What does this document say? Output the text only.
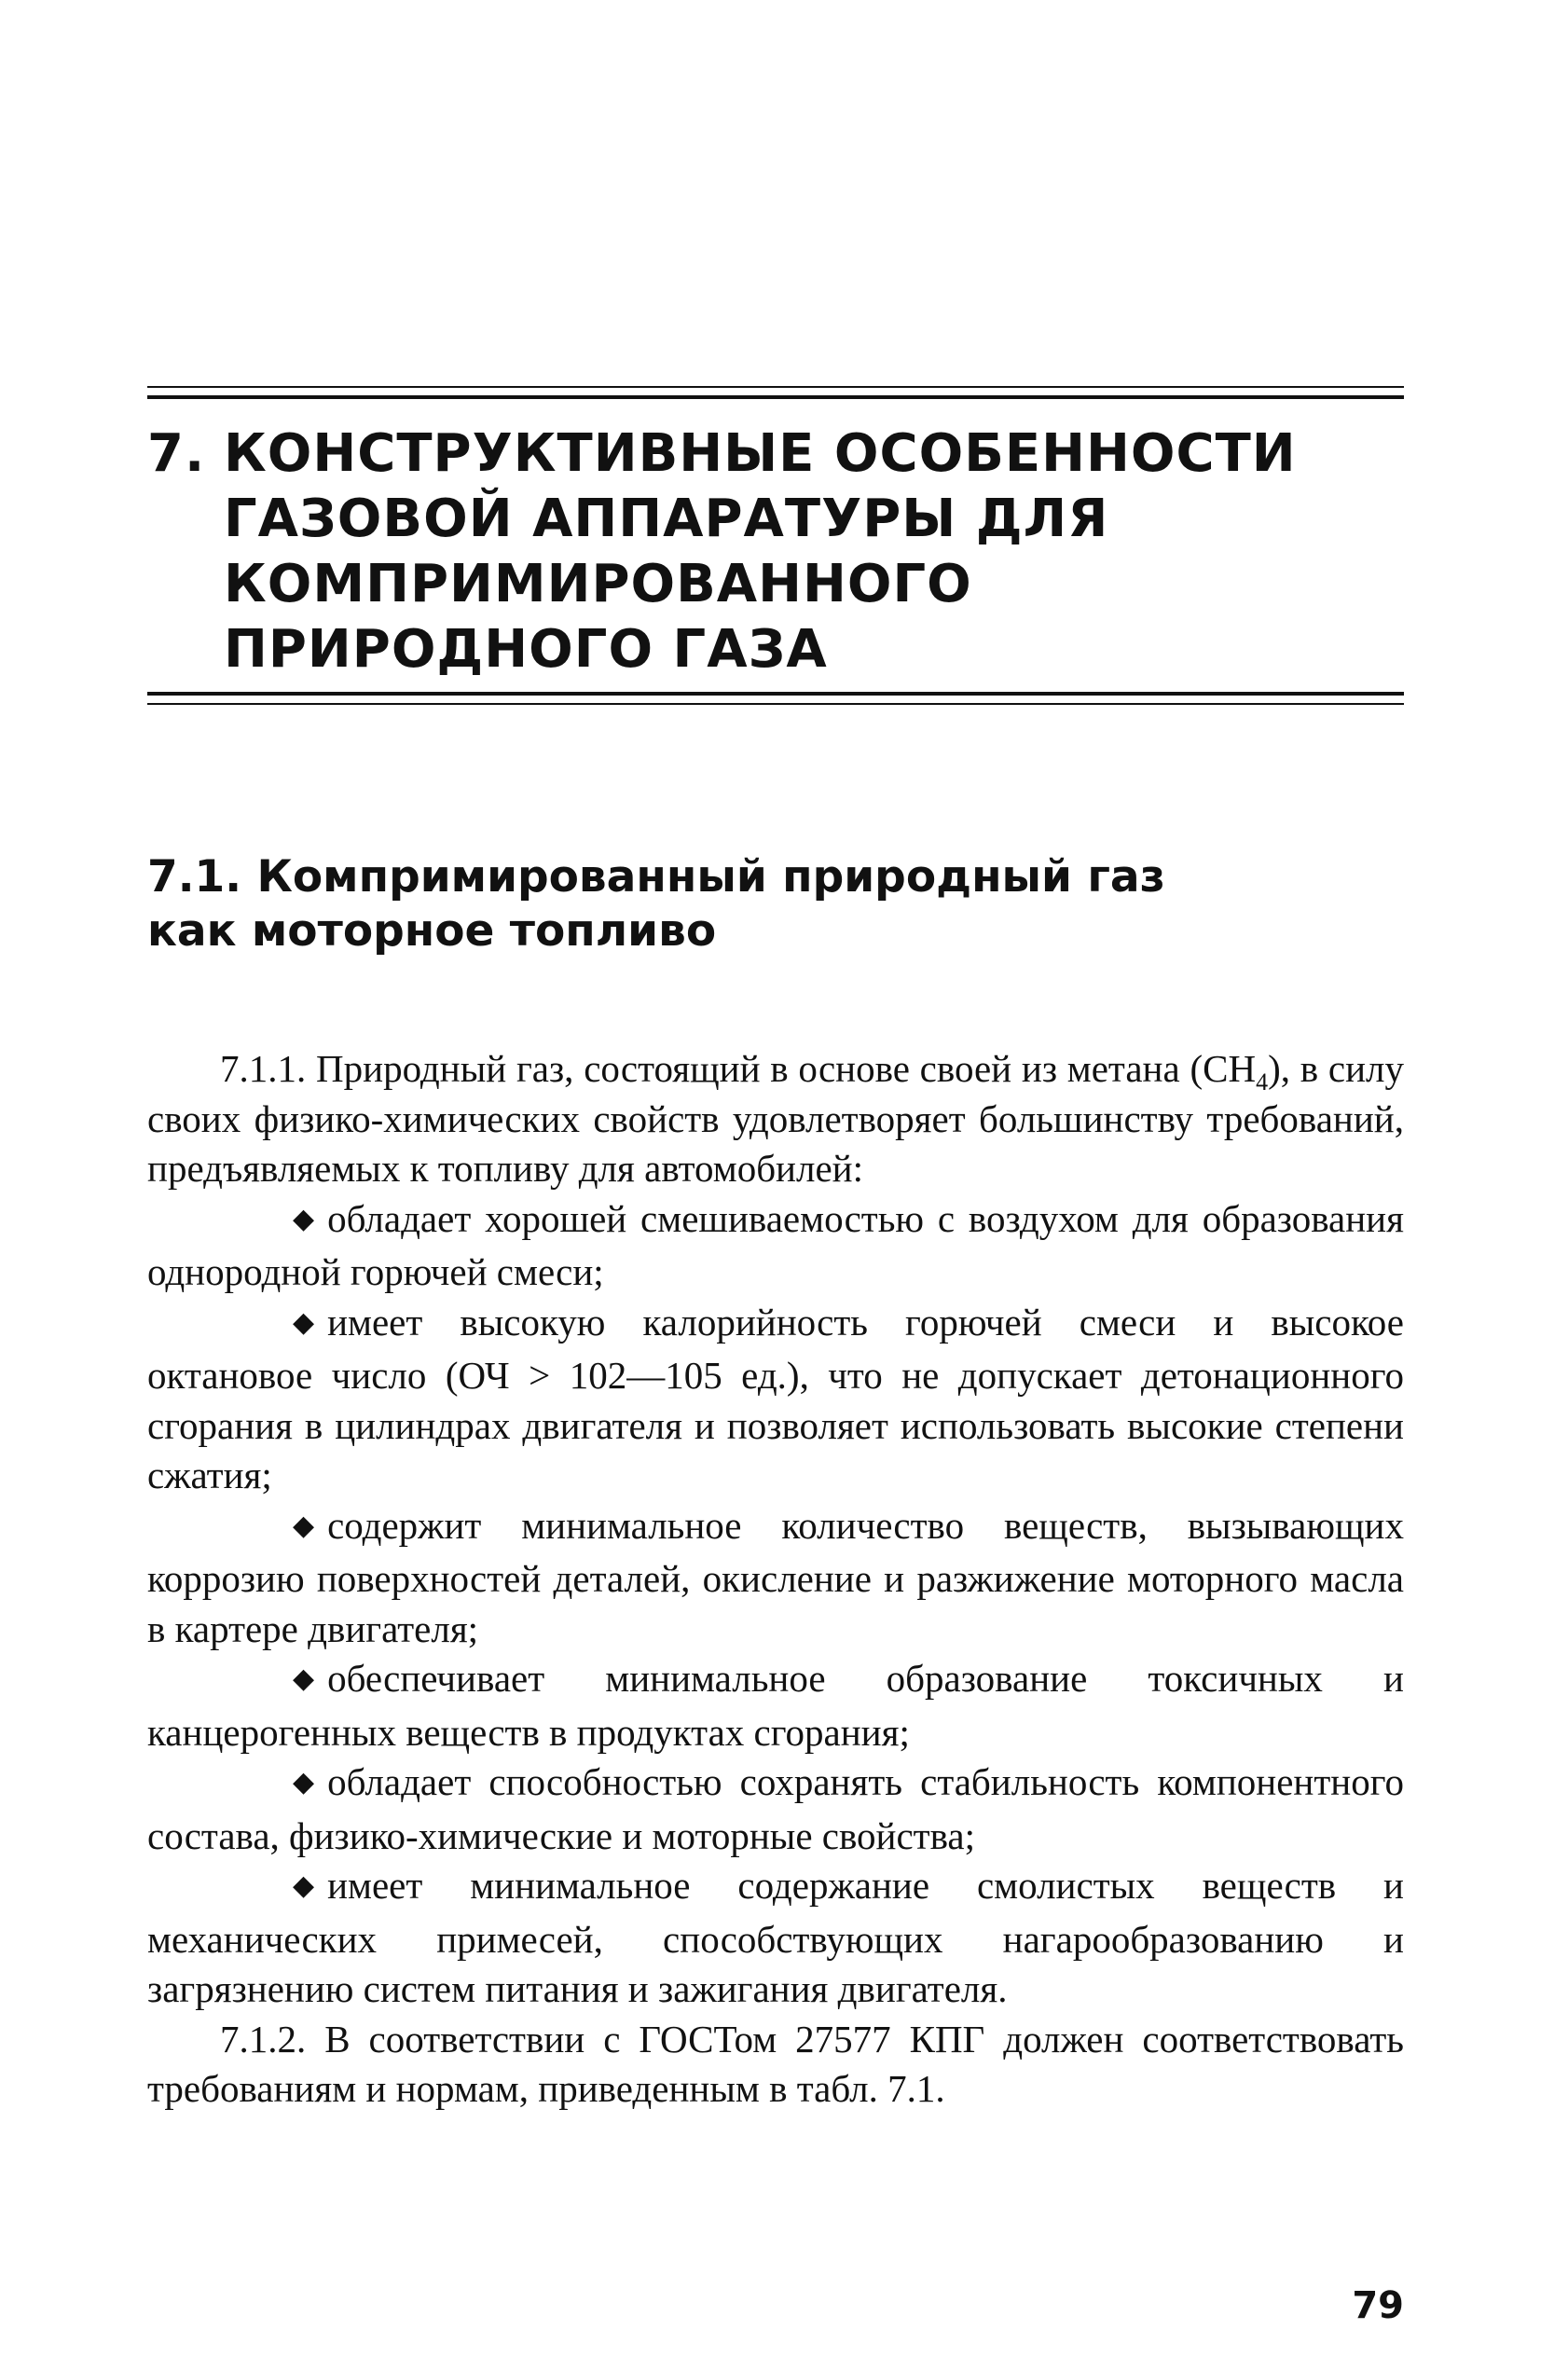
7. КОНСТРУКТИВНЫЕ ОСОБЕННОСТИ
ГАЗОВОЙ АППАРАТУРЫ ДЛЯ
КОМПРИМИРОВАННОГО
ПРИРОДНОГО ГАЗА
7.1. Компримированный природный газ
как моторное топливо

7.1.1. Природный газ, состоящий в основе своей из метана $(CH_4)$, в силу своих физико-химических свойств удовлетворяет большинству требований, предъявляемых к топливу для автомобилей:

◆ обладает хорошей смешиваемостью с воздухом для образования однородной горючей смеси;

◆ имеет высокую калорийность горючей смеси и высокое октановое число (ОЧ > 102—105 ед.), что не допускает детонационного сгорания в цилиндрах двигателя и позволяет использовать высокие степени сжатия;

◆ содержит минимальное количество веществ, вызывающих коррозию поверхностей деталей, окисление и разжижение моторного масла в картере двигателя;

◆ обеспечивает минимальное образование токсичных и канцерогенных веществ в продуктах сгорания;

◆ обладает способностью сохранять стабильность компонентного состава, физико-химические и моторные свойства;

◆ имеет минимальное содержание смолистых веществ и механических примесей, способствующих нагарообразованию и загрязнению систем питания и зажигания двигателя.

7.1.2. В соответствии с ГОСТом 27577 КПГ должен соответствовать требованиям и нормам, приведенным в табл. 7.1.

79
